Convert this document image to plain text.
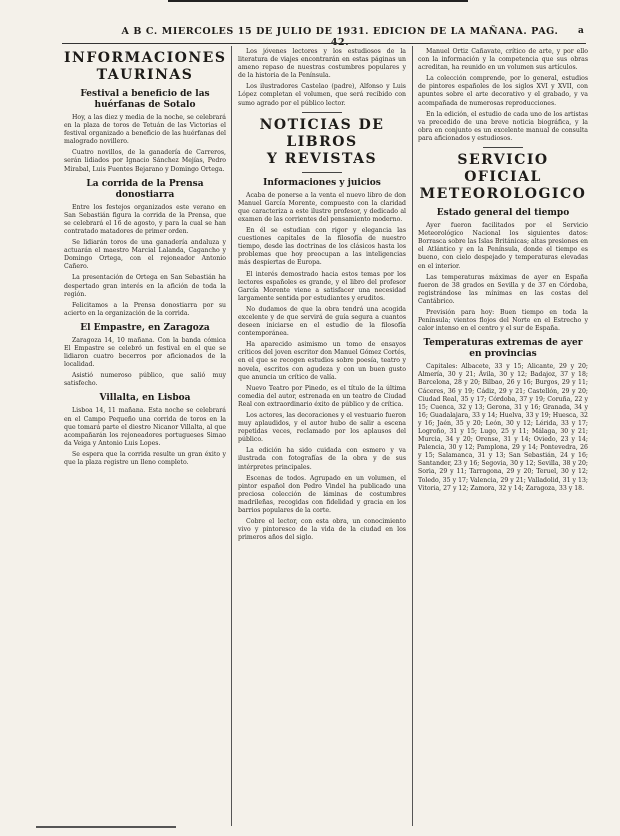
A B C. MIERCOLES 15 DE JULIO DE 1931. EDICION DE LA MAÑANA. PAG. a
INFORMACIONES
TAURINAS
Festival a beneficio de las huérfanas de Sotalo

Hoy, a las diez y media de la noche, se celebrará en la plaza de toros de Tetuán de las Victorias el festival organizado a beneficio de las huérfanas del malogrado novillero.

Cuatro novillos, de la ganadería de Carreros, serán lidiados por Ignacio Sánchez Mejías, Pedro Mirabal, Luis Fuentes Bejarano y Domingo Ortega.

La corrida de la Prensa donostiarra

Entre los festejos organizados este verano en San Sebastián figura la corrida de la Prensa, que se celebrará el 16 de agosto, y para la cual se han contratado matadores de primer orden.

Se lidiarán toros de una ganadería andaluza y actuarán el maestro Marcial Lalanda, Cagancho y Domingo Ortega, con el rejoneador Antonio Cañero.

La presentación de Ortega en San Sebastián ha despertado gran interés en la afición de toda la región.

Felicitamos a la Prensa donostiarra por su acierto en la organización de la corrida.

El Empastre, en Zaragoza

Zaragoza 14, 10 mañana. Con la banda cómica El Empastre se celebró un festival en el que se lidiaron cuatro becerros por aficionados de la localidad.

Asistió numeroso público, que salió muy satisfecho.

Villalta, en Lisboa

Lisboa 14, 11 mañana. Esta noche se celebrará en el Campo Pequeño una corrida de toros en la que tomará parte el diestro Nicanor Villalta, al que acompañarán los rejoneadores portugueses Simao da Veiga y Antonio Luis Lopes.

Se espera que la corrida resulte un gran éxito y que la plaza registre un lleno completo.

Los jóvenes lectores y los estudiosos de la literatura de viajes encontrarán en estas páginas un ameno repaso de nuestras costumbres populares y de la historia de la Península.

Los ilustradores Castelao (padre), Alfonso y Luis López completan el volumen, que será recibido con sumo agrado por el público lector.

NOTICIAS DE LIBROS
Y REVISTAS
Informaciones y juicios

Acaba de ponerse a la venta el nuevo libro de don Manuel García Morente, compuesto con la claridad que caracteriza a este ilustre profesor, y dedicado al examen de las corrientes del pensamiento moderno.

En él se estudian con rigor y elegancia las cuestiones capitales de la filosofía de nuestro tiempo, desde las doctrinas de los clásicos hasta los problemas que hoy preocupan a las inteligencias más despiertas de Europa.

El interés demostrado hacia estos temas por los lectores españoles es grande, y el libro del profesor García Morente viene a satisfacer una necesidad largamente sentida por estudiantes y eruditos.

No dudamos de que la obra tendrá una acogida excelente y de que servirá de guía segura a cuantos deseen iniciarse en el estudio de la filosofía contemporánea.

Ha aparecido asimismo un tomo de ensayos críticos del joven escritor don Manuel Gómez Cortés, en el que se recogen estudios sobre poesía, teatro y novela, escritos con agudeza y con un buen gusto que anuncia un crítico de valía.

Nuevo Teatro por Pinedo, es el título de la última comedia del autor, estrenada en un teatro de Ciudad Real con extraordinario éxito de público y de crítica.

Los actores, las decoraciones y el vestuario fueron muy aplaudidos, y el autor hubo de salir a escena repetidas veces, reclamado por los aplausos del público.

La edición ha sido cuidada con esmero y va ilustrada con fotografías de la obra y de sus intérpretes principales.

Escenas de todos. Agrupado en un volumen, el pintor español don Pedro Vindel ha publicado una preciosa colección de láminas de costumbres madrileñas, recogidas con fidelidad y gracia en los barrios populares de la corte.

Cobre el lector, con esta obra, un conocimiento vivo y pintoresco de la vida de la ciudad en los primeros años del siglo.

Manuel Ortiz Cañavate, crítico de arte, y por ello con la información y la competencia que sus obras acreditan, ha reunido en un volumen sus artículos.

La colección comprende, por lo general, estudios de pintores españoles de los siglos XVI y XVII, con apuntes sobre el arte decorativo y el grabado, y va acompañada de numerosas reproducciones.

En la edición, el estudio de cada uno de los artistas va precedido de una breve noticia biográfica, y la obra en conjunto es un excelente manual de consulta para aficionados y estudiosos.

SERVICIO OFICIAL
METEOROLOGICO
Estado general del tiempo

Ayer fueron facilitados por el Servicio Meteorológico Nacional los siguientes datos: Borrasca sobre las Islas Británicas; altas presiones en el Atlántico y en la Península, donde el tiempo es bueno, con cielo despejado y temperaturas elevadas en el interior.

Las temperaturas máximas de ayer en España fueron de 38 grados en Sevilla y de 37 en Córdoba, registrándose las mínimas en las costas del Cantábrico.

Previsión para hoy: Buen tiempo en toda la Península; vientos flojos del Norte en el Estrecho y calor intenso en el centro y el sur de España.

Temperaturas extremas de ayer en provincias

Capitales: Albacete, 33 y 15; Alicante, 29 y 20; Almería, 30 y 21; Ávila, 30 y 12; Badajoz, 37 y 18; Barcelona, 28 y 20; Bilbao, 26 y 16; Burgos, 29 y 11; Cáceres, 36 y 19; Cádiz, 29 y 21; Castellón, 29 y 20; Ciudad Real, 35 y 17; Córdoba, 37 y 19; Coruña, 22 y 15; Cuenca, 32 y 13; Gerona, 31 y 16; Granada, 34 y 16; Guadalajara, 33 y 14; Huelva, 33 y 19; Huesca, 32 y 16; Jaén, 35 y 20; León, 30 y 12; Lérida, 33 y 17; Logroño, 31 y 15; Lugo, 25 y 11; Málaga, 30 y 21; Murcia, 34 y 20; Orense, 31 y 14; Oviedo, 23 y 14; Palencia, 30 y 12; Pamplona, 29 y 14; Pontevedra, 26 y 15; Salamanca, 31 y 13; San Sebastián, 24 y 16; Santander, 23 y 16; Segovia, 30 y 12; Sevilla, 38 y 20; Soria, 29 y 11; Tarragona, 29 y 20; Teruel, 30 y 12; Toledo, 35 y 17; Valencia, 29 y 21; Valladolid, 31 y 13; Vitoria, 27 y 12; Zamora, 32 y 14; Zaragoza, 33 y 18.
